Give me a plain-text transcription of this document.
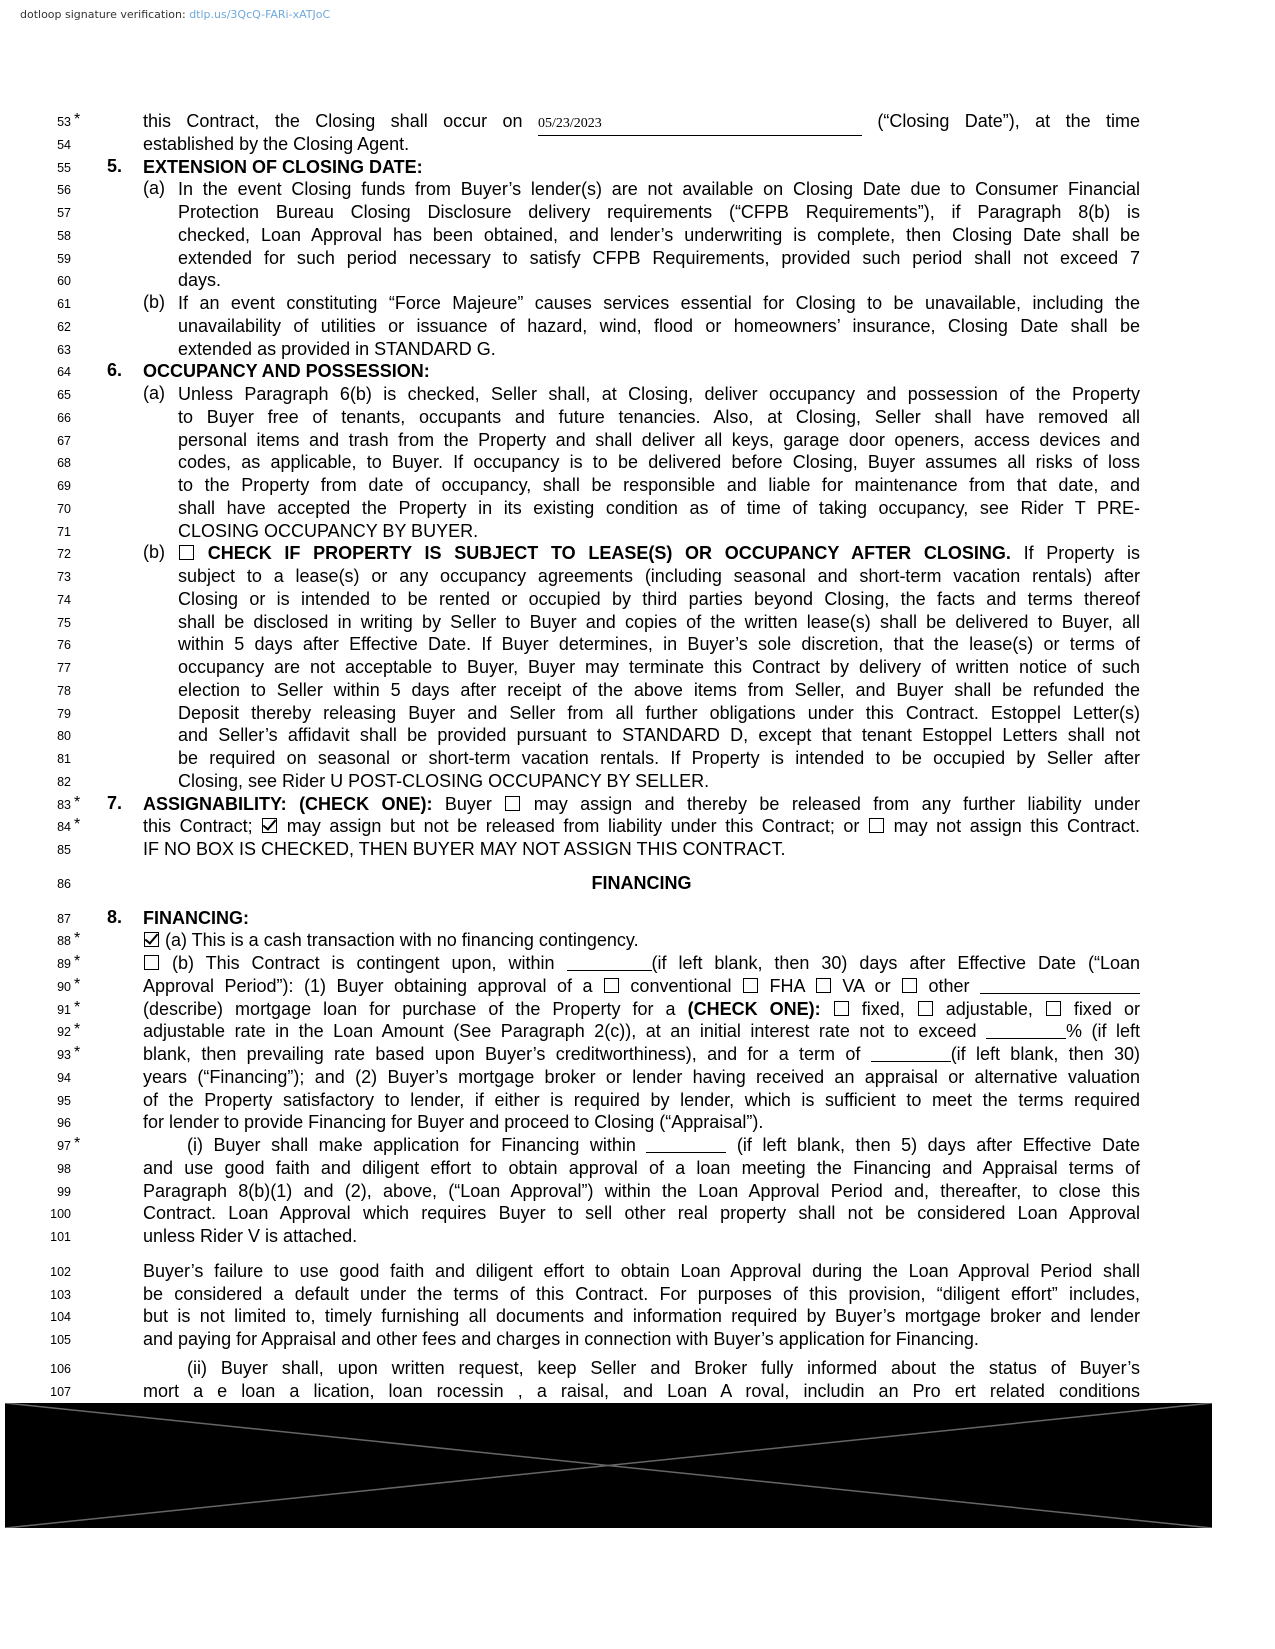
dotloop signature verification: dtlp.us/3QcQ-FARi-xATJoC
53 *	this Contract, the Closing shall occur on 05/23/2023	(“Closing Date”), at the time
54	established by the Closing Agent.
55 5. EXTENSION OF CLOSING DATE:
56	(a) In the event Closing funds from Buyer’s lender(s) are not available on Closing Date due to Consumer Financial
57	Protection Bureau Closing Disclosure delivery requirements (“CFPB Requirements”), if Paragraph 8(b) is
58	checked, Loan Approval has been obtained, and lender’s underwriting is complete, then Closing Date shall be
59	extended for such period necessary to satisfy CFPB Requirements, provided such period shall not exceed 7
60	days.
61	(b) If an event constituting “Force Majeure” causes services essential for Closing to be unavailable, including the
62	unavailability of utilities or issuance of hazard, wind, flood or homeowners’ insurance, Closing Date shall be
63	extended as provided in STANDARD G.
64 6. OCCUPANCY AND POSSESSION:
65	(a) Unless Paragraph 6(b) is checked, Seller shall, at Closing, deliver occupancy and possession of the Property
66	to Buyer free of tenants, occupants and future tenancies. Also, at Closing, Seller shall have removed all
67	personal items and trash from the Property and shall deliver all keys, garage door openers, access devices and
68	codes, as applicable, to Buyer. If occupancy is to be delivered before Closing, Buyer assumes all risks of loss
69	to the Property from date of occupancy, shall be responsible and liable for maintenance from that date, and
70	shall have accepted the Property in its existing condition as of time of taking occupancy, see Rider T PRE-
71	CLOSING OCCUPANCY BY BUYER.
72	(b)	CHECK IF PROPERTY IS SUBJECT TO LEASE(S) OR OCCUPANCY AFTER CLOSING. If Property is
73	subject to a lease(s) or any occupancy agreements (including seasonal and short-term vacation rentals) after
74	Closing or is intended to be rented or occupied by third parties beyond Closing, the facts and terms thereof
75	shall be disclosed in writing by Seller to Buyer and copies of the written lease(s) shall be delivered to Buyer, all
76	within 5 days after Effective Date. If Buyer determines, in Buyer’s sole discretion, that the lease(s) or terms of
77	occupancy are not acceptable to Buyer, Buyer may terminate this Contract by delivery of written notice of such
78	election to Seller within 5 days after receipt of the above items from Seller, and Buyer shall be refunded the
79	Deposit thereby releasing Buyer and Seller from all further obligations under this Contract. Estoppel Letter(s)
80	and Seller’s affidavit shall be provided pursuant to STANDARD D, except that tenant Estoppel Letters shall not
81	be required on seasonal or short-term vacation rentals. If Property is intended to be occupied by Seller after
82	Closing, see Rider U POST-CLOSING OCCUPANCY BY SELLER.
83 * 7. ASSIGNABILITY: (CHECK ONE): Buyer  may assign and thereby be released from any further liability under
84 *	this Contract;  may assign but not be released from liability under this Contract; or  may not assign this Contract.
85	IF NO BOX IS CHECKED, THEN BUYER MAY NOT ASSIGN THIS CONTRACT.
86	FINANCING
87 8. FINANCING:
88 *	(a) This is a cash transaction with no financing contingency.
89 *	(b) This Contract is contingent upon, within	(if left blank, then 30) days after Effective Date (“Loan
90 *	Approval Period”): (1) Buyer obtaining approval of a  conventional  FHA  VA or  other
91 *	(describe) mortgage loan for purchase of the Property for a (CHECK ONE):  fixed,  adjustable,  fixed or
92 *	adjustable rate in the Loan Amount (See Paragraph 2(c)), at an initial interest rate not to exceed	% (if left
93 *	blank, then prevailing rate based upon Buyer’s creditworthiness), and for a term of	(if left blank, then 30)
94	years (“Financing”); and (2) Buyer’s mortgage broker or lender having received an appraisal or alternative valuation
95	of the Property satisfactory to lender, if either is required by lender, which is sufficient to meet the terms required
96	for lender to provide Financing for Buyer and proceed to Closing (“Appraisal”).
97 *	(i) Buyer shall make application for Financing within	(if left blank, then 5) days after Effective Date
98	and use good faith and diligent effort to obtain approval of a loan meeting the Financing and Appraisal terms of
99	Paragraph 8(b)(1) and (2), above, (“Loan Approval”) within the Loan Approval Period and, thereafter, to close this
100	Contract. Loan Approval which requires Buyer to sell other real property shall not be considered Loan Approval
101	unless Rider V is attached.
102	Buyer’s failure to use good faith and diligent effort to obtain Loan Approval during the Loan Approval Period shall
103	be considered a default under the terms of this Contract. For purposes of this provision, “diligent effort” includes,
104	but is not limited to, timely furnishing all documents and information required by Buyer’s mortgage broker and lender
105	and paying for Appraisal and other fees and charges in connection with Buyer’s application for Financing.
106	(ii) Buyer shall, upon written request, keep Seller and Broker fully informed about the status of Buyer’s
107	mort a e loan a lication, loan rocessin , a raisal, and Loan A roval, includin an Pro ert related conditions
